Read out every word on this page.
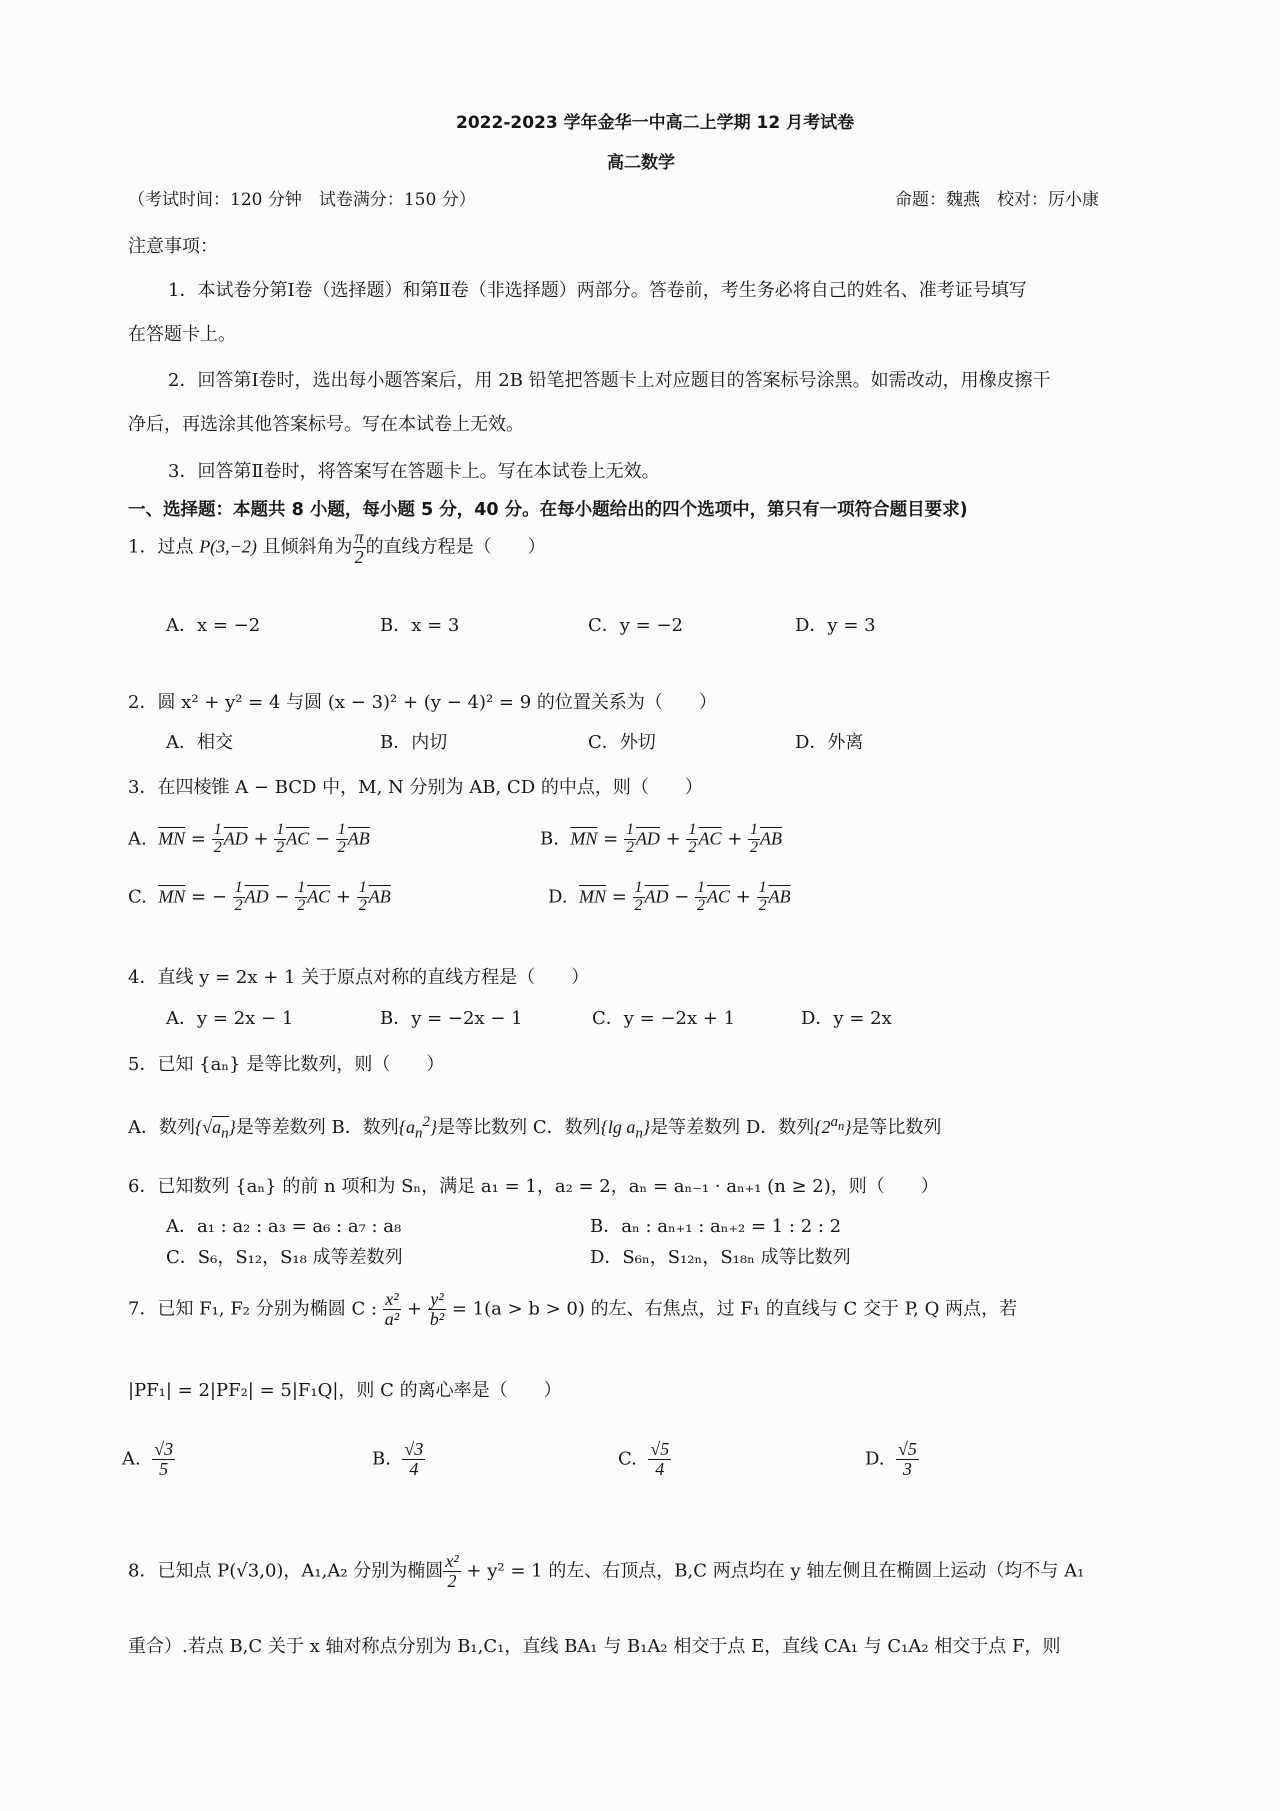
2022-2023 学年金华一中高二上学期 12 月考试卷
高二数学
（考试时间：120 分钟　试卷满分：150 分）	命题：魏燕　校对：厉小康
注意事项：
1．本试卷分第Ⅰ卷（选择题）和第Ⅱ卷（非选择题）两部分。答卷前，考生务必将自己的姓名、准考证号填写
在答题卡上。
2．回答第Ⅰ卷时，选出每小题答案后，用 2B 铅笔把答题卡上对应题目的答案标号涂黑。如需改动，用橡皮擦干
净后，再选涂其他答案标号。写在本试卷上无效。
3．回答第Ⅱ卷时，将答案写在答题卡上。写在本试卷上无效。
一、选择题：本题共 8 小题，每小题 5 分，40 分。在每小题给出的四个选项中，第只有一项符合题目要求)
1．过点 P(3,−2) 且倾斜角为 $\frac{\pi}{2}$ 的直线方程是（　　）
A．x = −2	B．x = 3	C．y = −2	D．y = 3
2．圆 x² + y² = 4 与圆 (x − 3)² + (y − 4)² = 9 的位置关系为（　　）
A．相交	B．内切	C．外切	D．外离
3．在四棱锥 A − BCD 中，M, N 分别为 AB, CD 的中点，则（　　）
A. $\overline{MN} = \frac{1}{2} \overline{AD} + \frac{1}{2} \overline{AC} - \frac{1}{2} \overline{AB}$	B. $\overline{MN} = \frac{1}{2} \overline{AD} + \frac{1}{2} \overline{AC} + \frac{1}{2} \overline{AB}$
C. $\overline{MN}$ = − $\frac{1}{2} \overline{AD} - \frac{1}{2} \overline{AC} + \frac{1}{2} \overline{AB}$	D. $\overline{MN} = \frac{1}{2} \overline{AD} - \frac{1}{2} \overline{AC} + \frac{1}{2} \overline{AB}$
4．直线 y = 2x + 1 关于原点对称的直线方程是（　　）
A．y = 2x − 1	B．y = −2x − 1	C．y = −2x + 1	D．y = 2x
5．已知 {aₙ} 是等比数列，则（　　）
A．数列$\{√a_n\}$是等差数列 B．数列$\{a_n^2\}$是等比数列 C．数列{lg $a_n$}是等差数列 D．数列$\{2^{a_n}\}$是等比数列
6．已知数列 {aₙ} 的前 n 项和为 Sₙ，满足 a₁ = 1，a₂ = 2，aₙ = aₙ₋₁ · aₙ₊₁ (n ≥ 2)，则（　　）
A．a₁ : a₂ : a₃ = a₆ : a₇ : a₈	B．aₙ : aₙ₊₁ : aₙ₊₂ = 1 : 2 : 2
C．S₆，S₁₂，S₁₈ 成等差数列	D．S₆ₙ，S₁₂ₙ，S₁₈ₙ 成等比数列
7．已知 F₁, F₂ 分别为椭圆 C : $\frac{\text{x²}}{\text{a²}} + \frac{\text{y²}}{\text{b²}} = 1(a > b > 0)$ 的左、右焦点，过 F₁ 的直线与 C 交于 P, Q 两点，若
|PF₁| = 2|PF₂| = 5|F₁Q|，则 C 的离心率是（　　）
A. $\frac{√3}{5}$	B. $\frac{√3}{4}$	C. $\frac{√5}{4}$	D. $\frac{√5}{3}$
8．已知点 P(√3,0)，A₁,A₂ 分别为椭圆 $\frac{\text{x²}}{2} + y^2 = 1$ 的左、右顶点，B,C 两点均在 y 轴左侧且在椭圆上运动（均不与 A₁
重合）.若点 B,C 关于 x 轴对称点分别为 B₁,C₁，直线 BA₁ 与 B₁A₂ 相交于点 E，直线 CA₁ 与 C₁A₂ 相交于点 F，则
